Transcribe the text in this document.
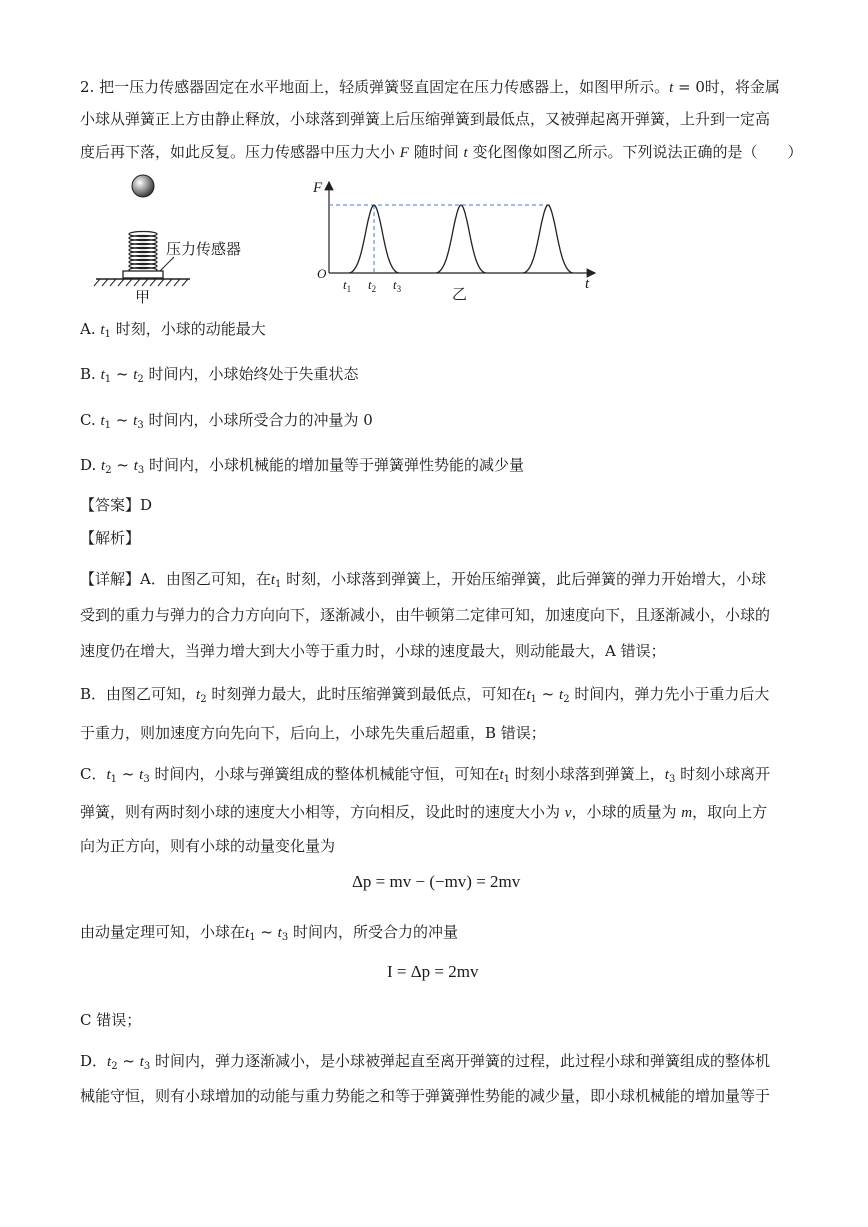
2. 把一压力传感器固定在水平地面上，轻质弹簧竖直固定在压力传感器上，如图甲所示。t = 0时，将金属
小球从弹簧正上方由静止释放，小球落到弹簧上后压缩弹簧到最低点，又被弹起离开弹簧，上升到一定高
度后再下落，如此反复。压力传感器中压力大小 F 随时间 t 变化图像如图乙所示。下列说法正确的是（　　）
压力传感器
甲
F
t
O
$t_1$ $t_2$ $t_3$	乙
A. $t_1$ 时刻，小球的动能最大
B. $t_1$ ~ $t_2$ 时间内，小球始终处于失重状态
C. $t_1$ ~ $t_3$ 时间内，小球所受合力的冲量为 0
D. $t_2$ ~ $t_3$ 时间内，小球机械能的增加量等于弹簧弹性势能的减少量
【答案】D
【解析】
【详解】A．由图乙可知，在$t_1$ 时刻，小球落到弹簧上，开始压缩弹簧，此后弹簧的弹力开始增大，小球
受到的重力与弹力的合力方向向下，逐渐减小，由牛顿第二定律可知，加速度向下，且逐渐减小，小球的
速度仍在增大，当弹力增大到大小等于重力时，小球的速度最大，则动能最大，A 错误；
B．由图乙可知，$t_2$ 时刻弹力最大，此时压缩弹簧到最低点，可知在$t_1$ ~ $t_2$ 时间内，弹力先小于重力后大
于重力，则加速度方向先向下，后向上，小球先失重后超重，B 错误；
C．$t_1$ ~ $t_3$ 时间内，小球与弹簧组成的整体机械能守恒，可知在$t_1$ 时刻小球落到弹簧上，$t_3$ 时刻小球离开
弹簧，则有两时刻小球的速度大小相等，方向相反，设此时的速度大小为 v，小球的质量为 m，取向上方
向为正方向，则有小球的动量变化量为
Δp = mv − (−mv) = 2mv
由动量定理可知，小球在$t_1$ ~ $t_3$ 时间内，所受合力的冲量
I = Δp = 2mv
C 错误；
D．$t_2$ ~ $t_3$ 时间内，弹力逐渐减小，是小球被弹起直至离开弹簧的过程，此过程小球和弹簧组成的整体机
械能守恒，则有小球增加的动能与重力势能之和等于弹簧弹性势能的减少量，即小球机械能的增加量等于
